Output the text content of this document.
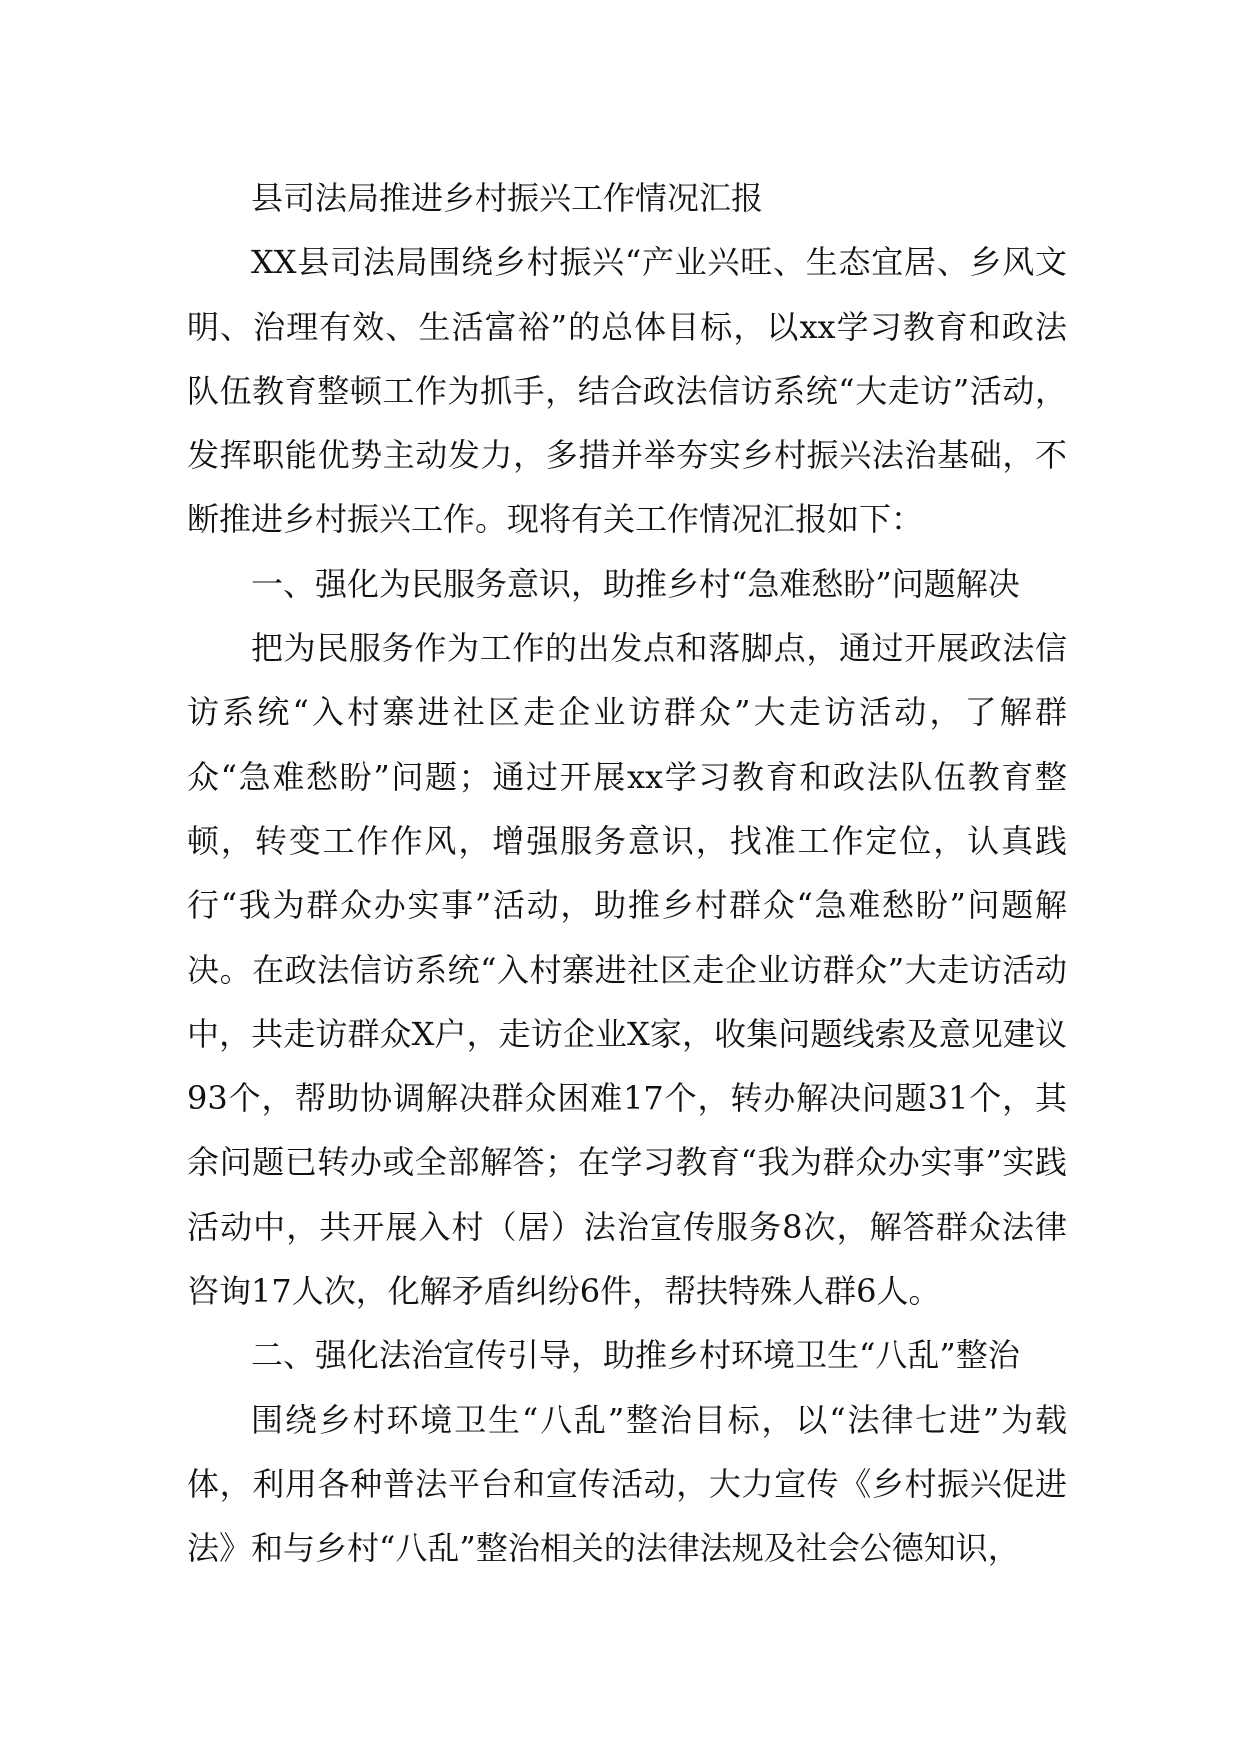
县司法局推进乡村振兴工作情况汇报

XX县司法局围绕乡村振兴“产业兴旺、生态宜居、乡风文明、治理有效、生活富裕”的总体目标，以xx学习教育和政法队伍教育整顿工作为抓手，结合政法信访系统“大走访”活动，发挥职能优势主动发力，多措并举夯实乡村振兴法治基础，不断推进乡村振兴工作。现将有关工作情况汇报如下：

一、强化为民服务意识，助推乡村“急难愁盼”问题解决

把为民服务作为工作的出发点和落脚点，通过开展政法信访系统“入村寨进社区走企业访群众”大走访活动，了解群众“急难愁盼”问题；通过开展xx学习教育和政法队伍教育整顿，转变工作作风，增强服务意识，找准工作定位，认真践行“我为群众办实事”活动，助推乡村群众“急难愁盼”问题解决。在政法信访系统“入村寨进社区走企业访群众”大走访活动中，共走访群众X户，走访企业X家，收集问题线索及意见建议93个，帮助协调解决群众困难17个，转办解决问题31个，其余问题已转办或全部解答；在学习教育“我为群众办实事”实践活动中，共开展入村（居）法治宣传服务8次，解答群众法律咨询17人次，化解矛盾纠纷6件，帮扶特殊人群6人。

二、强化法治宣传引导，助推乡村环境卫生“八乱”整治

围绕乡村环境卫生“八乱”整治目标，以“法律七进”为载体，利用各种普法平台和宣传活动，大力宣传《乡村振兴促进法》和与乡村“八乱”整治相关的法律法规及社会公德知识，
